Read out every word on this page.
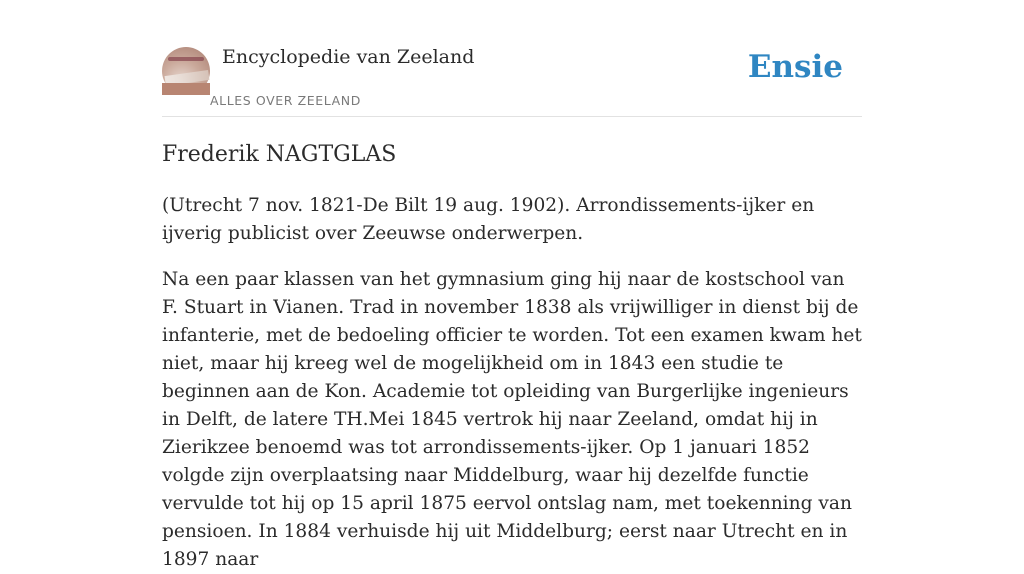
Encyclopedie van Zeeland
ALLES OVER ZEELAND
Ensie
Frederik NAGTGLAS

(Utrecht 7 nov. 1821-De Bilt 19 aug. 1902). Arrondissements-ijker en ijverig publicist over Zeeuwse onderwerpen.

Na een paar klassen van het gymnasium ging hij naar de kostschool van F. Stuart in Vianen. Trad in november 1838 als vrijwilliger in dienst bij de infanterie, met de bedoeling officier te worden. Tot een examen kwam het niet, maar hij kreeg wel de mogelijkheid om in 1843 een studie te beginnen aan de Kon. Academie tot opleiding van Burgerlijke ingenieurs in Delft, de latere TH.Mei 1845 vertrok hij naar Zeeland, omdat hij in Zierikzee benoemd was tot arrondissements-ijker. Op 1 januari 1852 volgde zijn overplaatsing naar Middelburg, waar hij dezelfde functie vervulde tot hij op 15 april 1875 eervol ontslag nam, met toekenning van pensioen. In 1884 verhuisde hij uit Middelburg; eerst naar Utrecht en in 1897 naar
